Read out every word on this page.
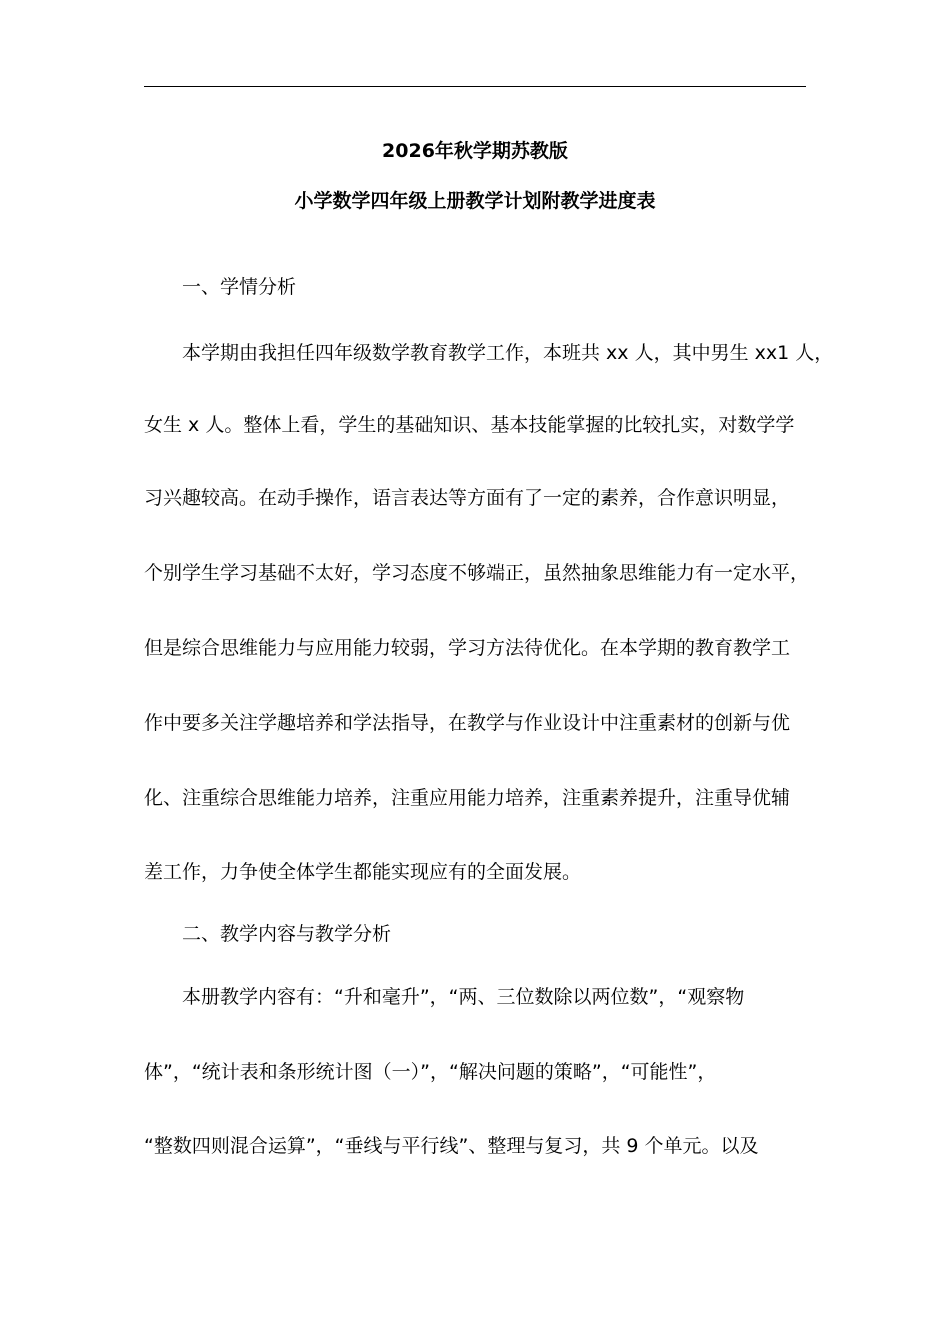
2026年秋学期苏教版
小学数学四年级上册教学计划附教学进度表
一、学情分析
本学期由我担任四年级数学教育教学工作，本班共 xx 人，其中男生 xx1 人，
女生 x 人。整体上看，学生的基础知识、基本技能掌握的比较扎实，对数学学
习兴趣较高。在动手操作，语言表达等方面有了一定的素养，合作意识明显，
个别学生学习基础不太好，学习态度不够端正，虽然抽象思维能力有一定水平，
但是综合思维能力与应用能力较弱，学习方法待优化。在本学期的教育教学工
作中要多关注学趣培养和学法指导，在教学与作业设计中注重素材的创新与优
化、注重综合思维能力培养，注重应用能力培养，注重素养提升，注重导优辅
差工作，力争使全体学生都能实现应有的全面发展。
二、教学内容与教学分析
本册教学内容有：“升和毫升”，“两、三位数除以两位数”，“观察物
体”，“统计表和条形统计图（一）”，“解决问题的策略”，“可能性”，
“整数四则混合运算”，“垂线与平行线”、整理与复习，共 9 个单元。以及
